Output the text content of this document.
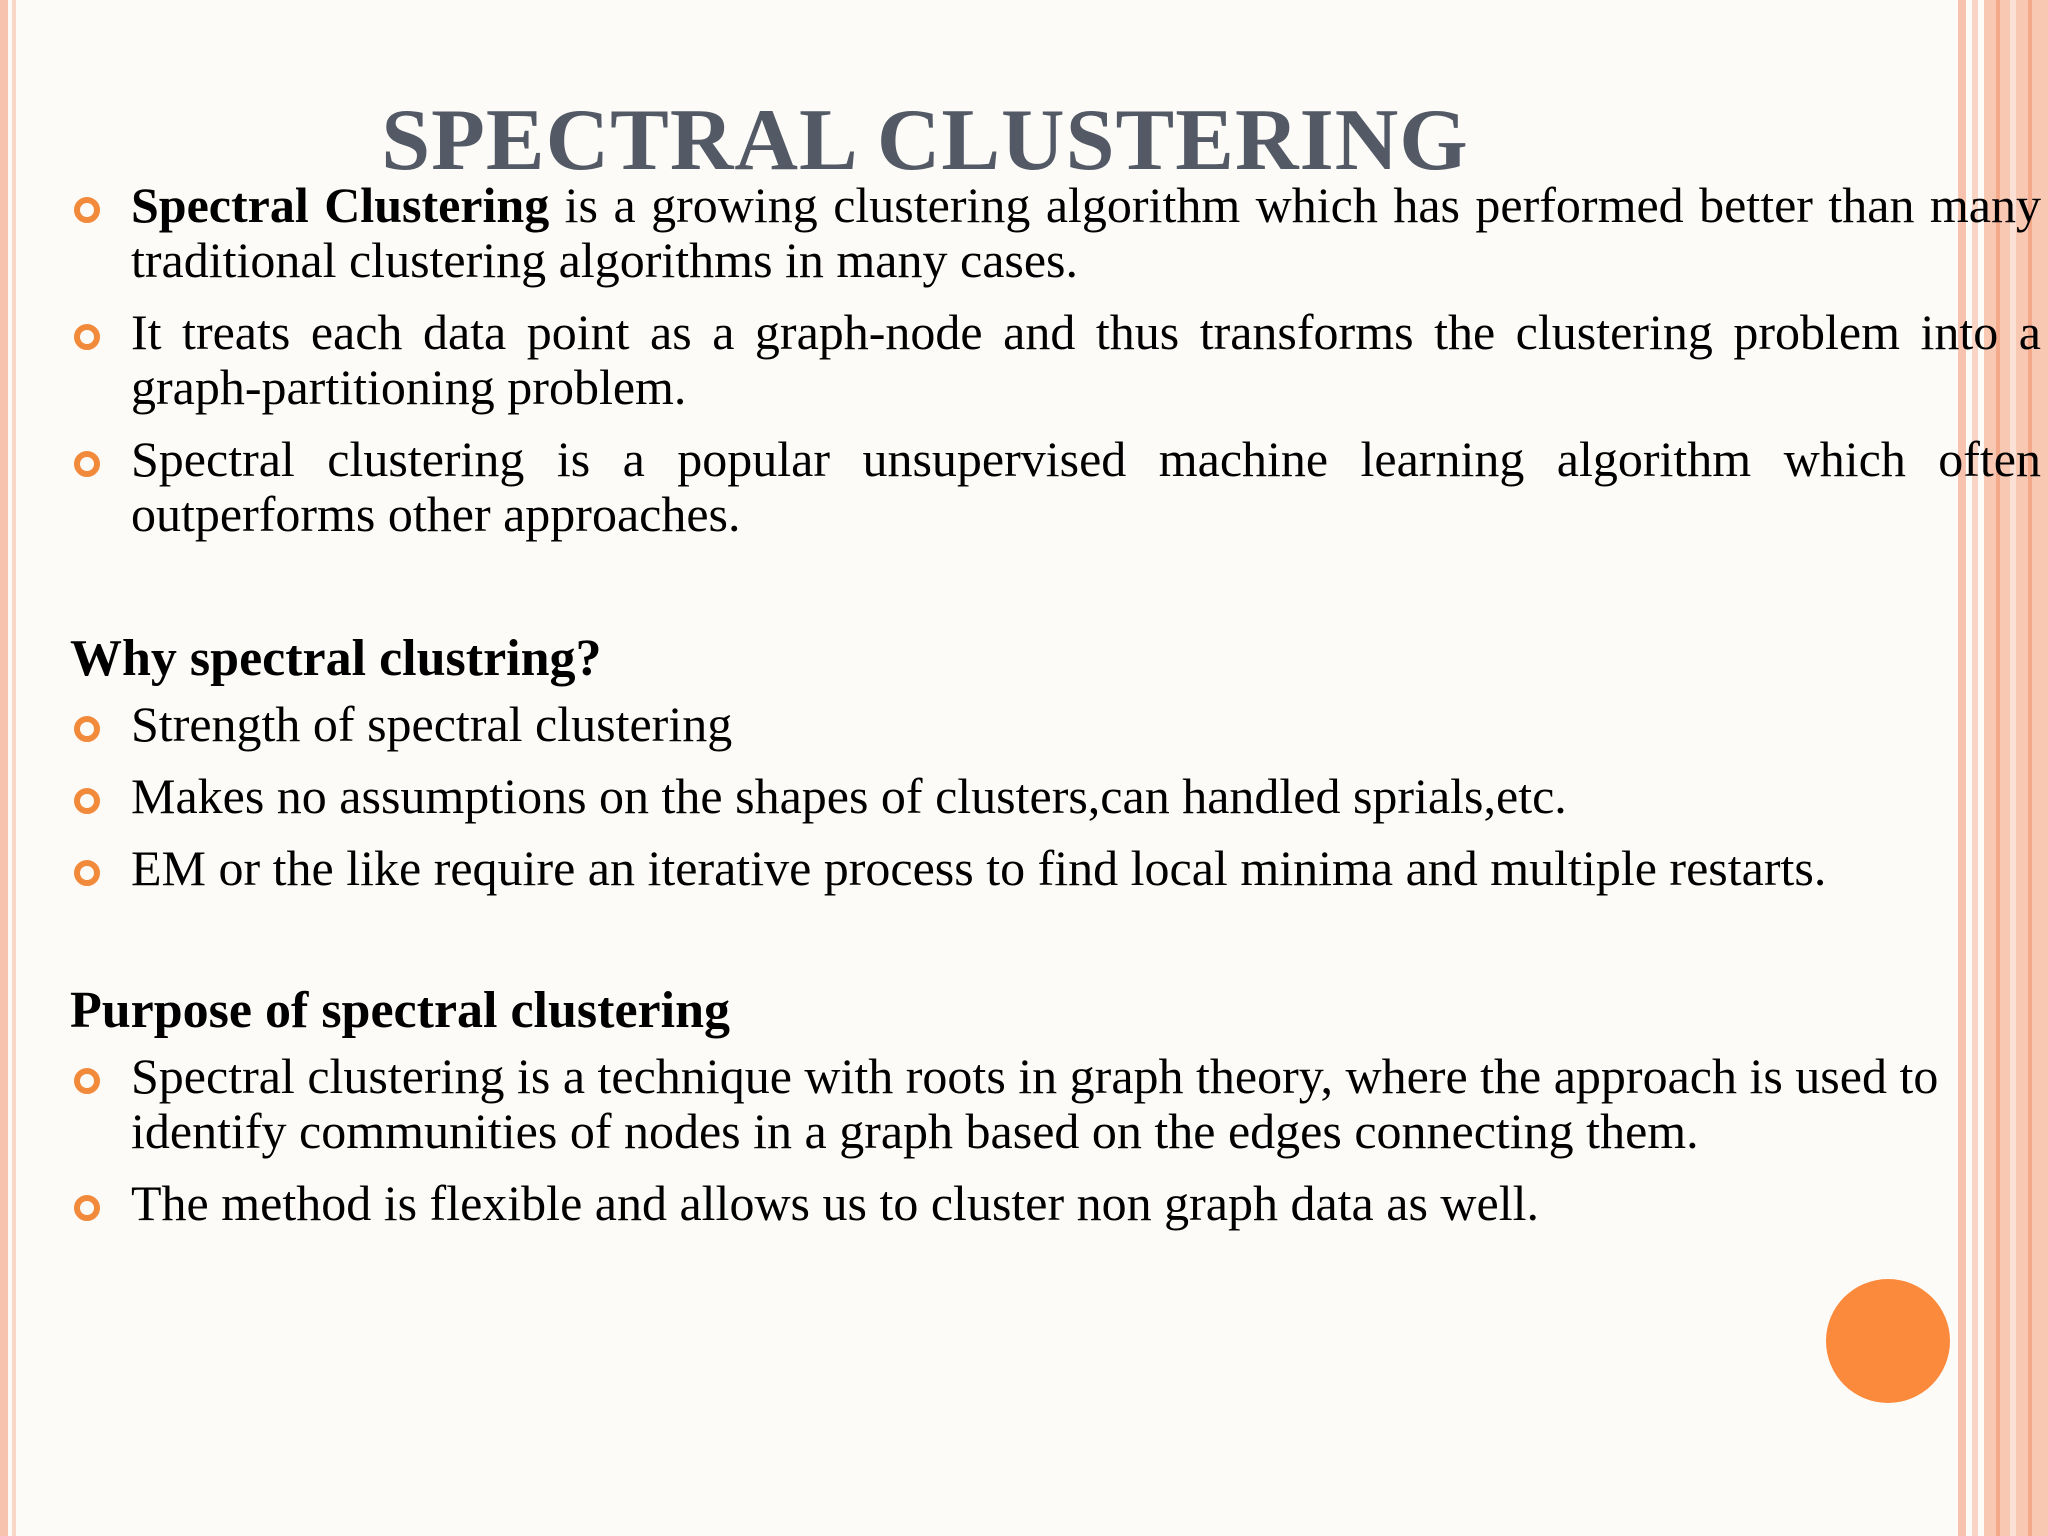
SPECTRAL CLUSTERING
Spectral Clustering is a growing clustering algorithm which has performed better than many traditional clustering algorithms in many cases.
It treats each data point as a graph-node and thus transforms the clustering problem into a graph-partitioning problem.
Spectral clustering is a popular unsupervised machine learning algorithm which often outperforms other approaches.
Why spectral clustring?
Strength of spectral clustering
Makes no assumptions on the shapes of clusters,can handled sprials,etc.
EM or the like require an iterative process to find local minima and multiple restarts.
Purpose of spectral clustering
Spectral clustering is a technique with roots in graph theory, where the approach is used to identify communities of nodes in a graph based on the edges connecting them.
The method is flexible and allows us to cluster non graph data as well.
